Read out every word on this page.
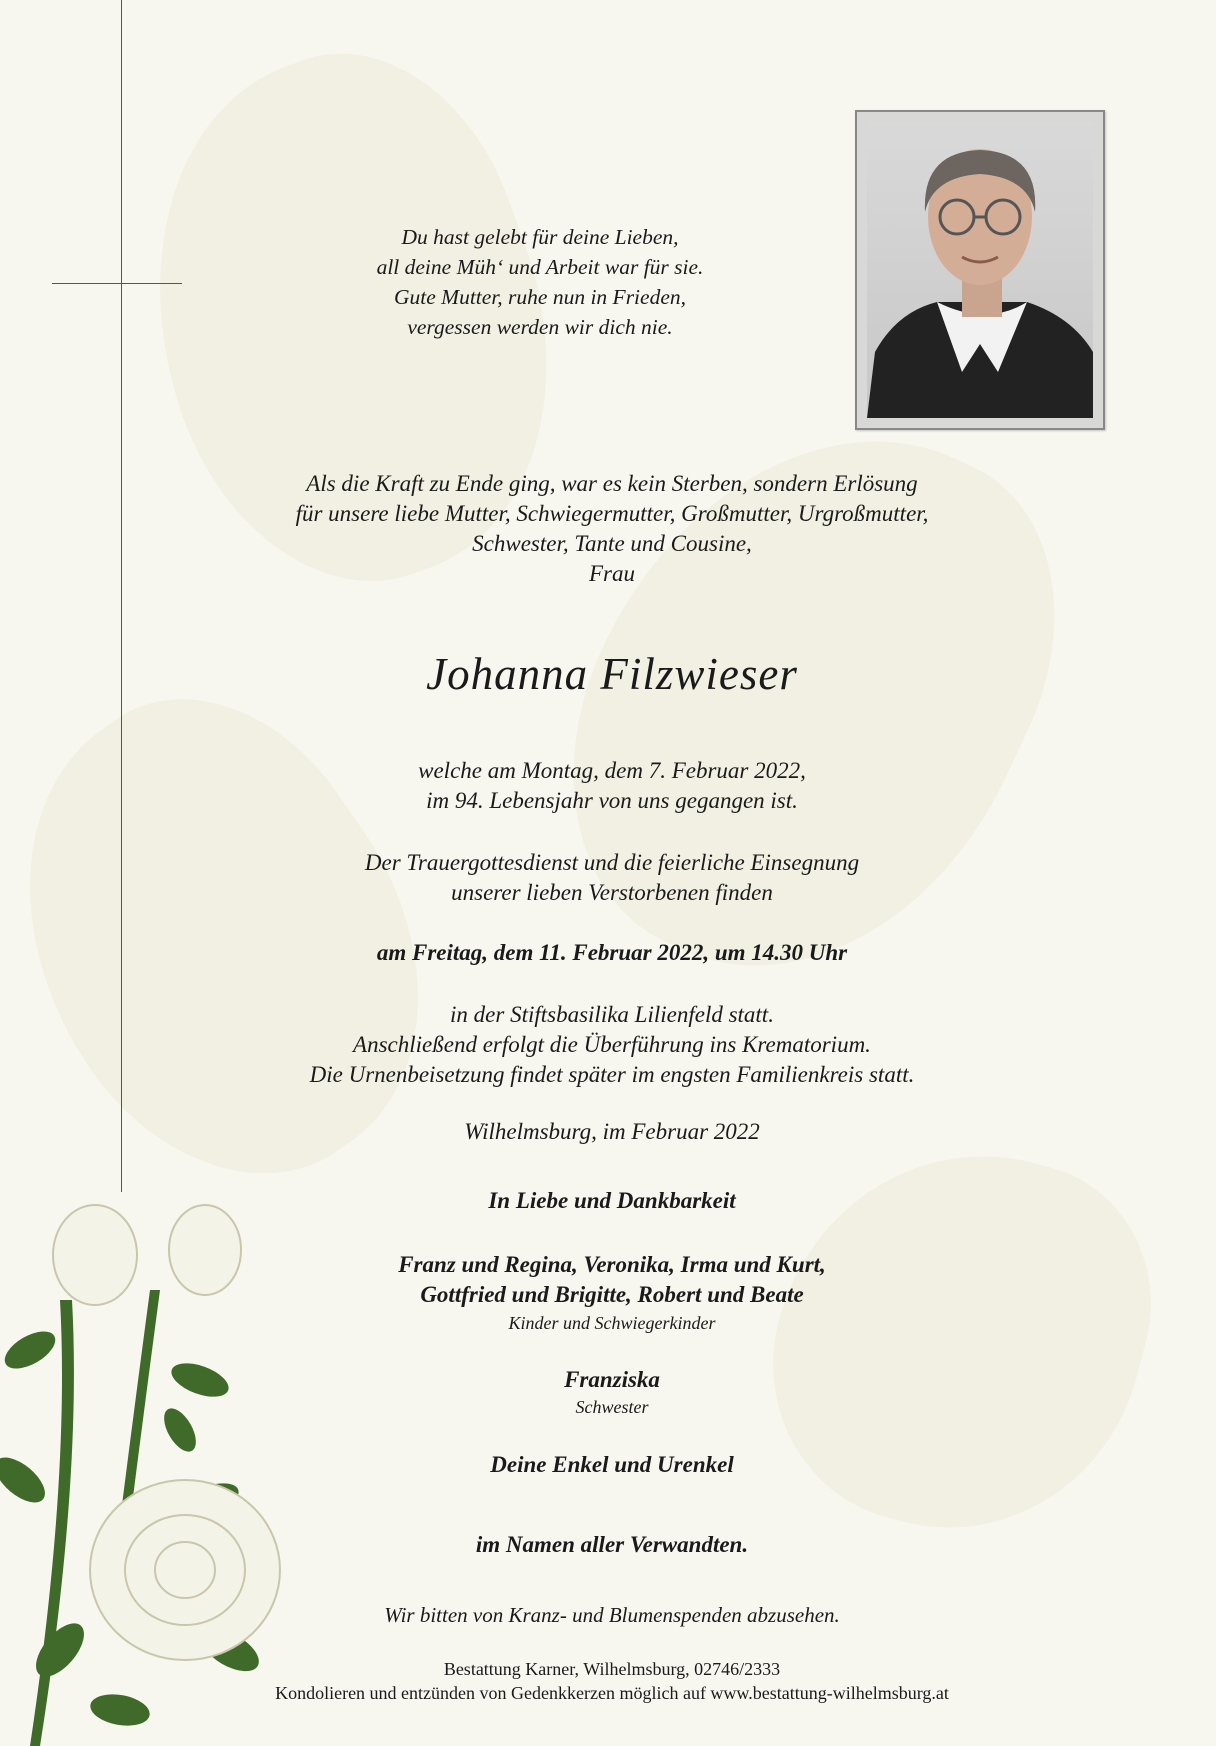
Du hast gelebt für deine Lieben,
all deine Müh‘ und Arbeit war für sie.
Gute Mutter, ruhe nun in Frieden,
vergessen werden wir dich nie.
Als die Kraft zu Ende ging, war es kein Sterben, sondern Erlösung
für unsere liebe Mutter, Schwiegermutter, Großmutter, Urgroßmutter,
Schwester, Tante und Cousine,
Frau
Johanna Filzwieser
welche am Montag, dem 7. Februar 2022,
im 94. Lebensjahr von uns gegangen ist.
Der Trauergottesdienst und die feierliche Einsegnung
unserer lieben Verstorbenen finden
am Freitag, dem 11. Februar 2022, um 14.30 Uhr
in der Stiftsbasilika Lilienfeld statt.
Anschließend erfolgt die Überführung ins Krematorium.
Die Urnenbeisetzung findet später im engsten Familienkreis statt.
Wilhelmsburg, im Februar 2022
In Liebe und Dankbarkeit
Franz und Regina, Veronika, Irma und Kurt,
Gottfried und Brigitte, Robert und Beate
Kinder und Schwiegerkinder
Franziska
Schwester
Deine Enkel und Urenkel
im Namen aller Verwandten.
Wir bitten von Kranz- und Blumenspenden abzusehen.
Bestattung Karner, Wilhelmsburg, 02746/2333
Kondolieren und entzünden von Gedenkkerzen möglich auf www.bestattung-wilhelmsburg.at
